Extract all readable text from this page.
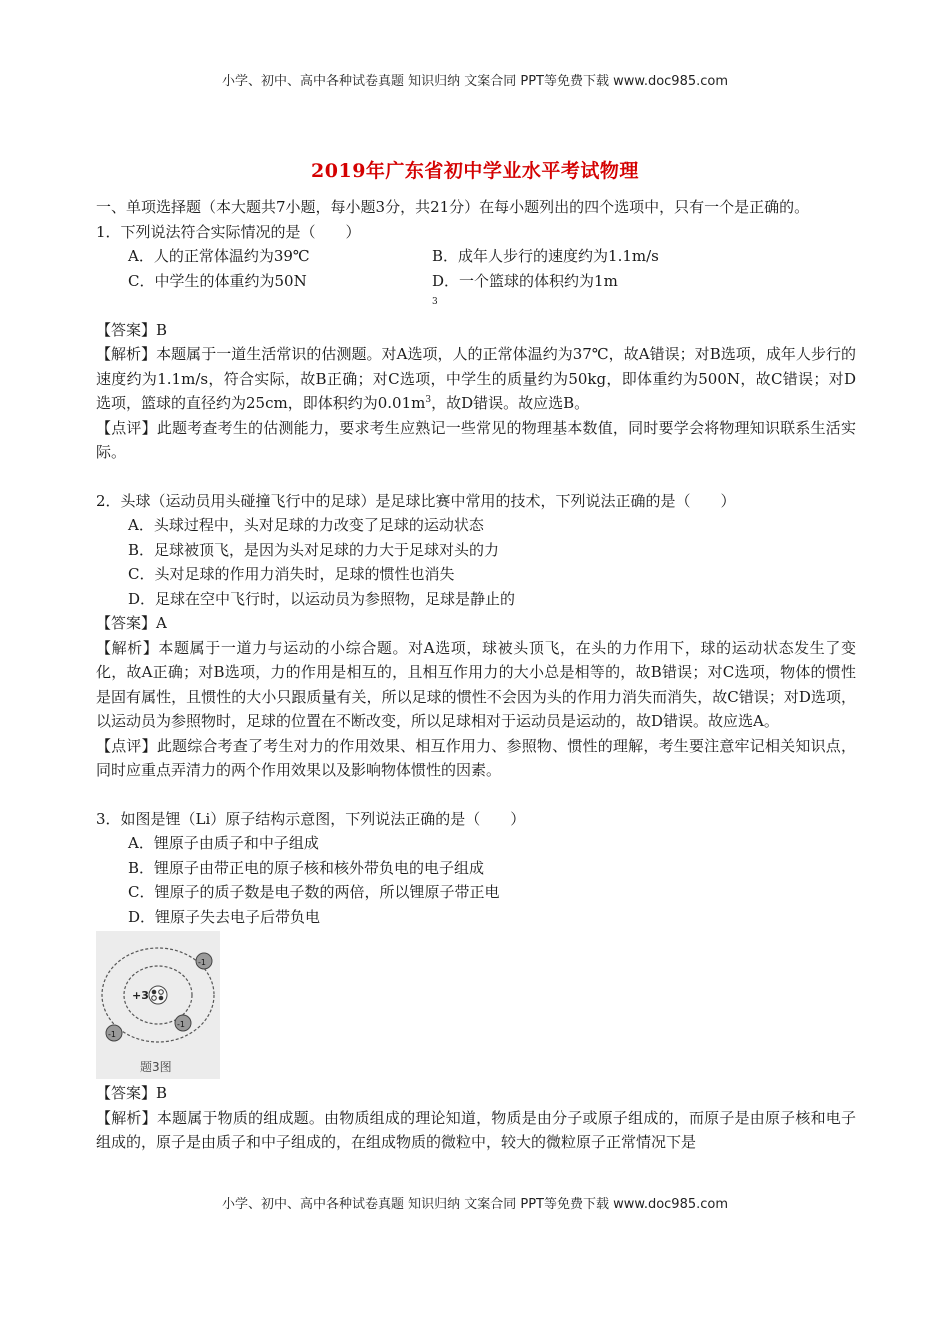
小学、初中、高中各种试卷真题 知识归纳 文案合同 PPT等免费下载 www.doc985.com
2019年广东省初中学业水平考试物理

一、单项选择题（本大题共7小题，每小题3分，共21分）在每小题列出的四个选项中，只有一个是正确的。

1．下列说法符合实际情况的是（　　）

A．人的正常体温约为39℃	B．成年人步行的速度约为1.1m/s
C．中学生的体重约为50N	D．一个篮球的体积约为1m
$^3$

【答案】B

【解析】本题属于一道生活常识的估测题。对A选项，人的正常体温约为37℃，故A错误；对B选项，成年人步行的速度约为1.1m/s，符合实际，故B正确；对C选项，中学生的质量约为50kg，即体重约为500N，故C错误；对D选项，篮球的直径约为25cm，即体积约为$0.01m^3$，故D错误。故应选B。

【点评】此题考查考生的估测能力，要求考生应熟记一些常见的物理基本数值，同时要学会将物理知识联系生活实际。

2．头球（运动员用头碰撞飞行中的足球）是足球比赛中常用的技术，下列说法正确的是（　　）

A．头球过程中，头对足球的力改变了足球的运动状态

B．足球被顶飞，是因为头对足球的力大于足球对头的力

C．头对足球的作用力消失时，足球的惯性也消失

D．足球在空中飞行时，以运动员为参照物，足球是静止的

【答案】A

【解析】本题属于一道力与运动的小综合题。对A选项，球被头顶飞，在头的力作用下，球的运动状态发生了变化，故A正确；对B选项，力的作用是相互的，且相互作用力的大小总是相等的，故B错误；对C选项，物体的惯性是固有属性，且惯性的大小只跟质量有关，所以足球的惯性不会因为头的作用力消失而消失，故C错误；对D选项，以运动员为参照物时，足球的位置在不断改变，所以足球相对于运动员是运动的，故D错误。故应选A。

【点评】此题综合考查了考生对力的作用效果、相互作用力、参照物、惯性的理解，考生要注意牢记相关知识点，同时应重点弄清力的两个作用效果以及影响物体惯性的因素。

3．如图是锂（Li）原子结构示意图，下列说法正确的是（　　）

A．锂原子由质子和中子组成

B．锂原子由带正电的原子核和核外带负电的电子组成

C．锂原子的质子数是电子数的两倍，所以锂原子带正电

D．锂原子失去电子后带负电

+3
-1
-1
-1
题3图

【答案】B

【解析】本题属于物质的组成题。由物质组成的理论知道，物质是由分子或原子组成的，而原子是由原子核和电子组成的，原子是由质子和中子组成的，在组成物质的微粒中，较大的微粒原子正常情况下是

小学、初中、高中各种试卷真题 知识归纳 文案合同 PPT等免费下载 www.doc985.com
